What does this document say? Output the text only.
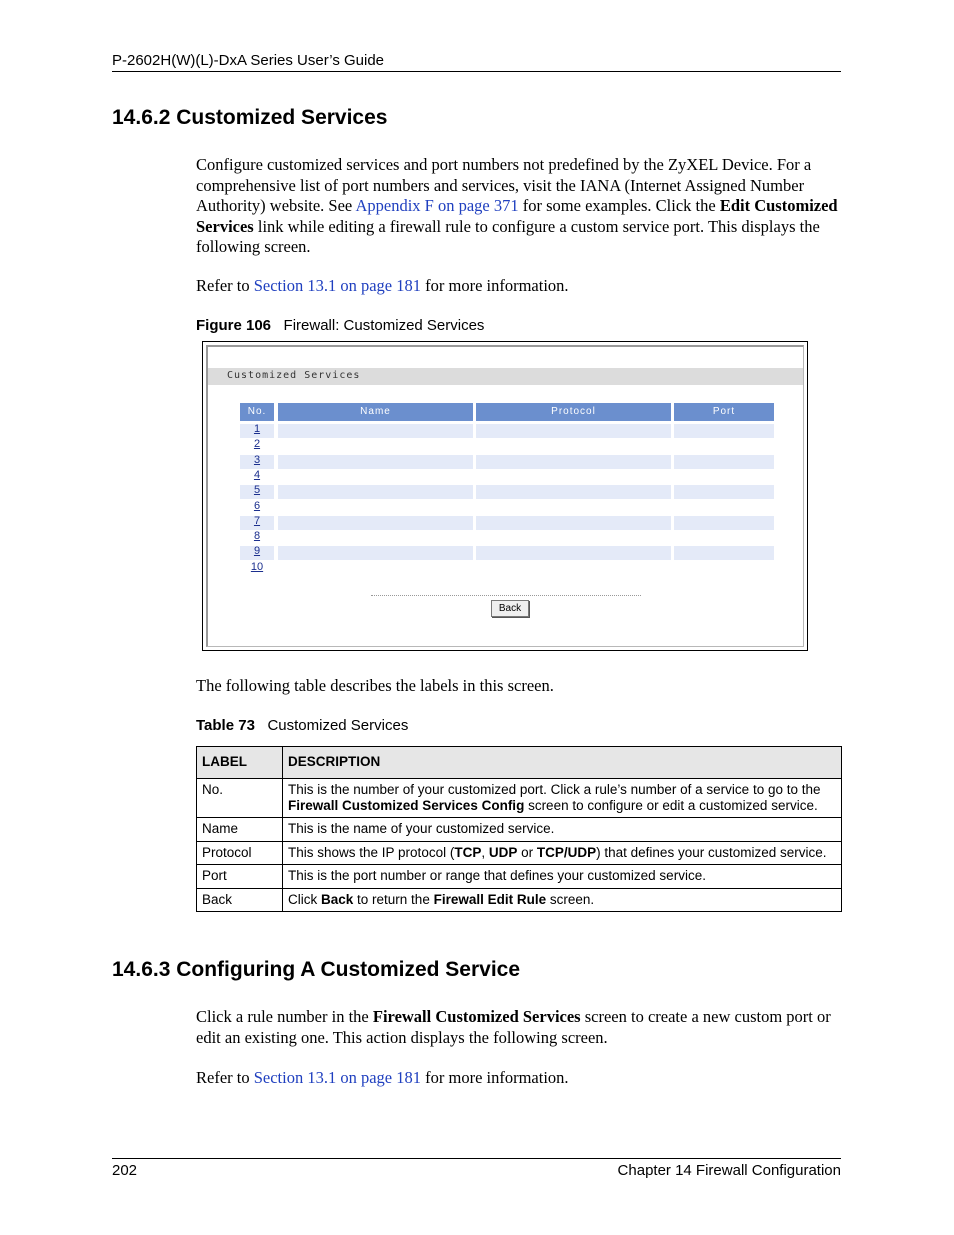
P-2602H(W)(L)-DxA Series User’s Guide
14.6.2 Customized Services

Configure customized services and port numbers not predefined by the ZyXEL Device. For a comprehensive list of port numbers and services, visit the IANA (Internet Assigned Number Authority) website. See Appendix F on page 371 for some examples. Click the Edit Customized Services link while editing a firewall rule to configure a custom service port. This displays the following screen.

Refer to Section 13.1 on page 181 for more information.

Figure 106 Firewall: Customized Services
Customized Services
No.	Name	Protocol	Port
1
2
3
4
5
6
7
8
9
10
Back

The following table describes the labels in this screen.

Table 73 Customized Services
LABEL	DESCRIPTION
No.	This is the number of your customized port. Click a rule’s number of a service to go to the Firewall Customized Services Config screen to configure or edit a customized service.
Name	This is the name of your customized service.
Protocol	This shows the IP protocol (TCP, UDP or TCP/UDP) that defines your customized service.
Port	This is the port number or range that defines your customized service.
Back	Click Back to return the Firewall Edit Rule screen.
14.6.3 Configuring A Customized Service

Click a rule number in the Firewall Customized Services screen to create a new custom port or edit an existing one. This action displays the following screen.

Refer to Section 13.1 on page 181 for more information.

202	Chapter 14 Firewall Configuration
